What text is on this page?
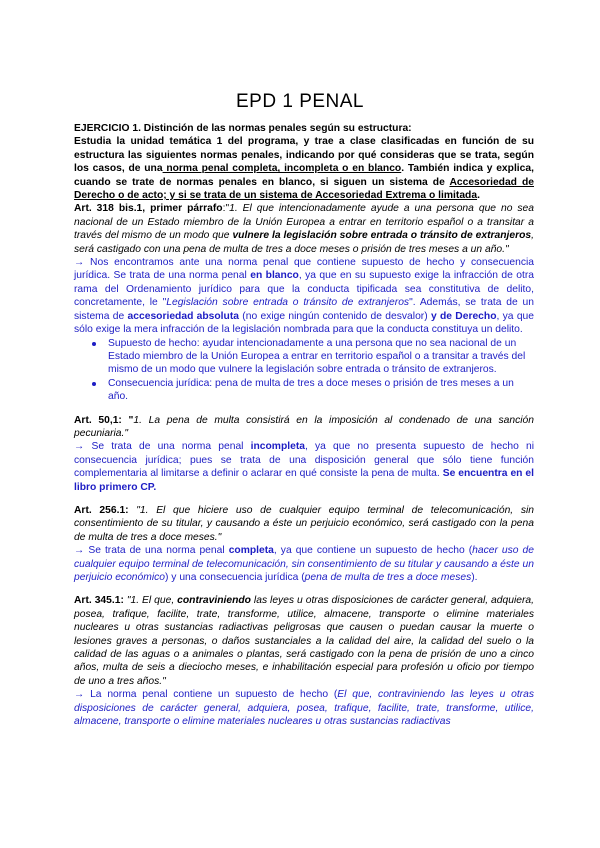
EPD 1 PENAL

EJERCICIO 1. Distinción de las normas penales según su estructura:

Estudia la unidad temática 1 del programa, y trae a clase clasificadas en función de su estructura las siguientes normas penales, indicando por qué consideras que se trata, según los casos, de una norma penal completa, incompleta o en blanco. También indica y explica, cuando se trate de normas penales en blanco, si siguen un sistema de Accesoriedad de Derecho o de acto; y si se trata de un sistema de Accesoriedad Extrema o limitada.

Art. 318 bis.1, primer párrafo:"1. El que intencionadamente ayude a una persona que no sea nacional de un Estado miembro de la Unión Europea a entrar en territorio español o a transitar a través del mismo de un modo que vulnere la legislación sobre entrada o tránsito de extranjeros, será castigado con una pena de multa de tres a doce meses o prisión de tres meses a un año."

→ Nos encontramos ante una norma penal que contiene supuesto de hecho y consecuencia jurídica. Se trata de una norma penal en blanco, ya que en su supuesto exige la infracción de otra rama del Ordenamiento jurídico para que la conducta tipificada sea constitutiva de delito, concretamente, le "Legislación sobre entrada o tránsito de extranjeros". Además, se trata de un sistema de accesoriedad absoluta (no exige ningún contenido de desvalor) y de Derecho, ya que sólo exige la mera infracción de la legislación nombrada para que la conducta constituya un delito.

Supuesto de hecho: ayudar intencionadamente a una persona que no sea nacional de un Estado miembro de la Unión Europea a entrar en territorio español o a transitar a través del mismo de un modo que vulnere la legislación sobre entrada o tránsito de extranjeros.
Consecuencia jurídica: pena de multa de tres a doce meses o prisión de tres meses a un año.

Art. 50,1: "1. La pena de multa consistirá en la imposición al condenado de una sanción pecuniaria."

→ Se trata de una norma penal incompleta, ya que no presenta supuesto de hecho ni consecuencia jurídica; pues se trata de una disposición general que sólo tiene función complementaria al limitarse a definir o aclarar en qué consiste la pena de multa. Se encuentra en el libro primero CP.

Art. 256.1: "1. El que hiciere uso de cualquier equipo terminal de telecomunicación, sin consentimiento de su titular, y causando a éste un perjuicio económico, será castigado con la pena de multa de tres a doce meses."

→ Se trata de una norma penal completa, ya que contiene un supuesto de hecho (hacer uso de cualquier equipo terminal de telecomunicación, sin consentimiento de su titular y causando a éste un perjuicio económico) y una consecuencia jurídica (pena de multa de tres a doce meses).

Art. 345.1: "1. El que, contraviniendo las leyes u otras disposiciones de carácter general, adquiera, posea, trafique, facilite, trate, transforme, utilice, almacene, transporte o elimine materiales nucleares u otras sustancias radiactivas peligrosas que causen o puedan causar la muerte o lesiones graves a personas, o daños sustanciales a la calidad del aire, la calidad del suelo o la calidad de las aguas o a animales o plantas, será castigado con la pena de prisión de uno a cinco años, multa de seis a dieciocho meses, e inhabilitación especial para profesión u oficio por tiempo de uno a tres años."

→ La norma penal contiene un supuesto de hecho (El que, contraviniendo las leyes u otras disposiciones de carácter general, adquiera, posea, trafique, facilite, trate, transforme, utilice, almacene, transporte o elimine materiales nucleares u otras sustancias radiactivas
